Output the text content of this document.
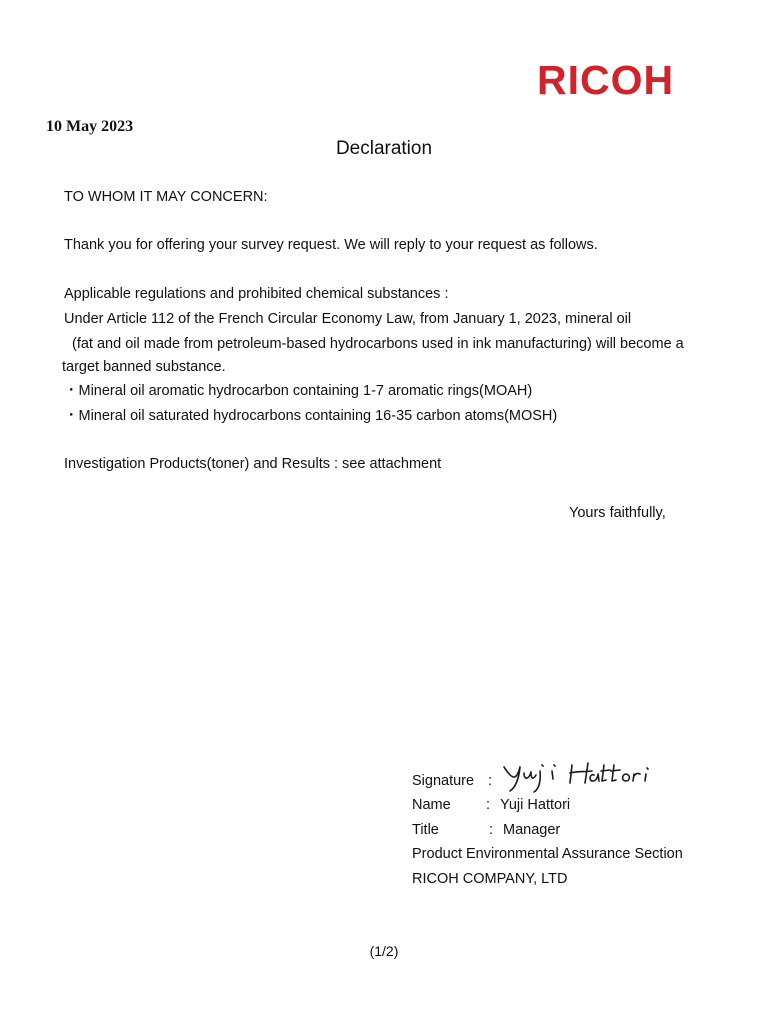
RICOH
10 May 2023
Declaration
TO WHOM IT MAY CONCERN:
Thank you for offering your survey request. We will reply to your request as follows.
Applicable regulations and prohibited chemical substances :
Under Article 112 of the French Circular Economy Law, from January 1, 2023, mineral oil
(fat and oil made from petroleum-based hydrocarbons used in ink manufacturing) will become a
target banned substance.
・Mineral oil aromatic hydrocarbon containing 1-7 aromatic rings(MOAH)
・Mineral oil saturated hydrocarbons containing 16-35 carbon atoms(MOSH)
Investigation Products(toner) and Results : see attachment
Yours faithfully,
Signature :
Name : Yuji Hattori
Title	: Manager
Product Environmental Assurance Section
RICOH COMPANY, LTD
(1/2)
